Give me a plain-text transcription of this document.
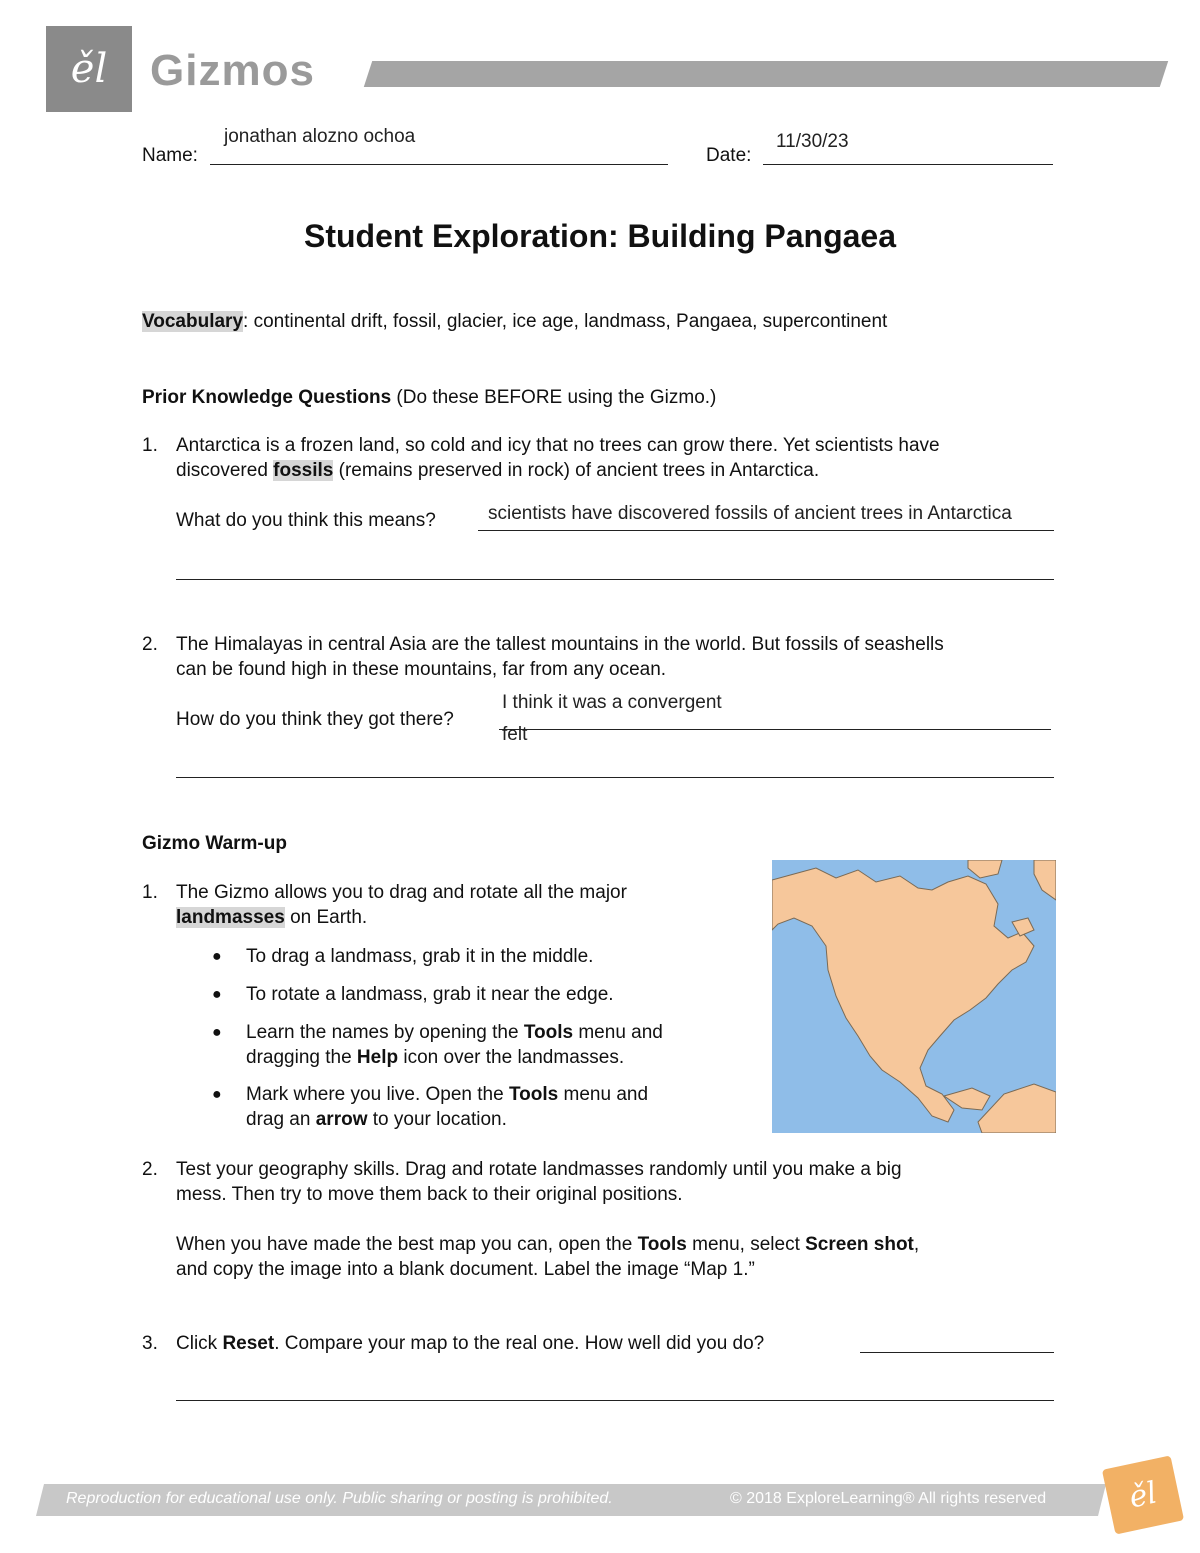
ěl Gizmos
Name:
jonathan alozno ochoa
Date:
11/30/23
Student Exploration: Building Pangaea
Vocabulary: continental drift, fossil, glacier, ice age, landmass, Pangaea, supercontinent
Prior Knowledge Questions (Do these BEFORE using the Gizmo.)
1. Antarctica is a frozen land, so cold and icy that no trees can grow there. Yet scientists have
discovered fossils (remains preserved in rock) of ancient trees in Antarctica.
What do you think this means?	scientists have discovered fossils of ancient trees in Antarctica
2. The Himalayas in central Asia are the tallest mountains in the world. But fossils of seashells
can be found high in these mountains, far from any ocean.
How do you think they got there?
I think it was a convergent
felt
Gizmo Warm-up
1. The Gizmo allows you to drag and rotate all the major
landmasses on Earth.
● To drag a landmass, grab it in the middle.
● To rotate a landmass, grab it near the edge.
● Learn the names by opening the Tools menu and
dragging the Help icon over the landmasses.
● Mark where you live. Open the Tools menu and
drag an arrow to your location.
2. Test your geography skills. Drag and rotate landmasses randomly until you make a big
mess. Then try to move them back to their original positions.
When you have made the best map you can, open the Tools menu, select Screen shot,
and copy the image into a blank document. Label the image “Map 1.”
3. Click Reset. Compare your map to the real one. How well did you do?
Reproduction for educational use only. Public sharing or posting is prohibited.	© 2018 ExploreLearning® All rights reserved	ěl
